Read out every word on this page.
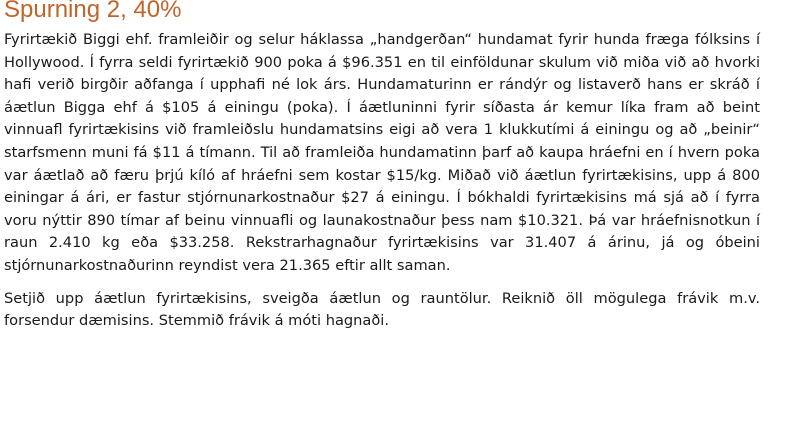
Spurning 2, 40%

Fyrirtækið Biggi ehf. framleiðir og selur háklassa „handgerðan“ hundamat fyrir hunda fræga fólksins í Hollywood. Í fyrra seldi fyrirtækið 900 poka á $96.351 en til einföldunar skulum við miða við að hvorki hafi verið birgðir aðfanga í upphafi né lok árs. Hundamaturinn er rándýr og listaverð hans er skráð í áætlun Bigga ehf á $105 á einingu (poka). Í áætluninni fyrir síðasta ár kemur líka fram að beint vinnuafl fyrirtækisins við framleiðslu hundamatsins eigi að vera 1 klukkutími á einingu og að „beinir“ starfsmenn muni fá $11 á tímann. Til að framleiða hundamatinn þarf að kaupa hráefni en í hvern poka var áætlað að færu þrjú kíló af hráefni sem kostar $15/kg. Miðað við áætlun fyrirtækisins, upp á 800 einingar á ári, er fastur stjórnunarkostnaður $27 á einingu. Í bókhaldi fyrirtækisins má sjá að í fyrra voru nýttir 890 tímar af beinu vinnuafli og launakostnaður þess nam $10.321. Þá var hráefnisnotkun í raun 2.410 kg eða $33.258. Rekstrarhagnaður fyrirtækisins var 31.407 á árinu, já og óbeini stjórnunarkostnaðurinn reyndist vera 21.365 eftir allt saman.

Setjið upp áætlun fyrirtækisins, sveigða áætlun og rauntölur. Reiknið öll mögulega frávik m.v. forsendur dæmisins. Stemmið frávik á móti hagnaði.
